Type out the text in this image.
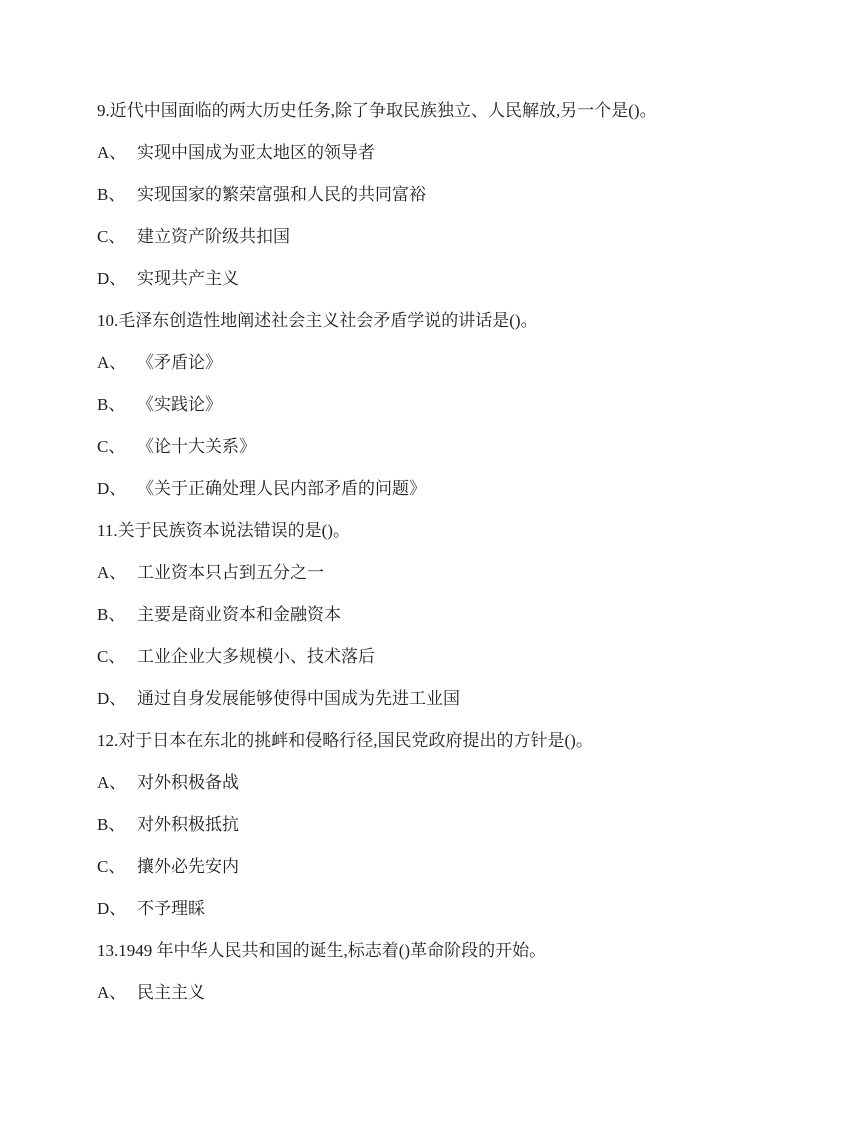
9.近代中国面临的两大历史任务,除了争取民族独立、人民解放,另一个是()。
A、 实现中国成为亚太地区的领导者
B、 实现国家的繁荣富强和人民的共同富裕
C、 建立资产阶级共扣国
D、 实现共产主义
10.毛泽东创造性地阐述社会主义社会矛盾学说的讲话是()。
A、 《矛盾论》
B、 《实践论》
C、 《论十大关系》
D、 《关于正确处理人民内部矛盾的问题》
11.关于民族资本说法错误的是()。
A、 工业资本只占到五分之一
B、 主要是商业资本和金融资本
C、 工业企业大多规模小、技术落后
D、 通过自身发展能够使得中国成为先进工业国
12.对于日本在东北的挑衅和侵略行径,国民党政府提出的方针是()。
A、 对外积极备战
B、 对外积极抵抗
C、 攘外必先安内
D、 不予理睬
13.1949 年中华人民共和国的诞生,标志着()革命阶段的开始。
A、 民主主义
